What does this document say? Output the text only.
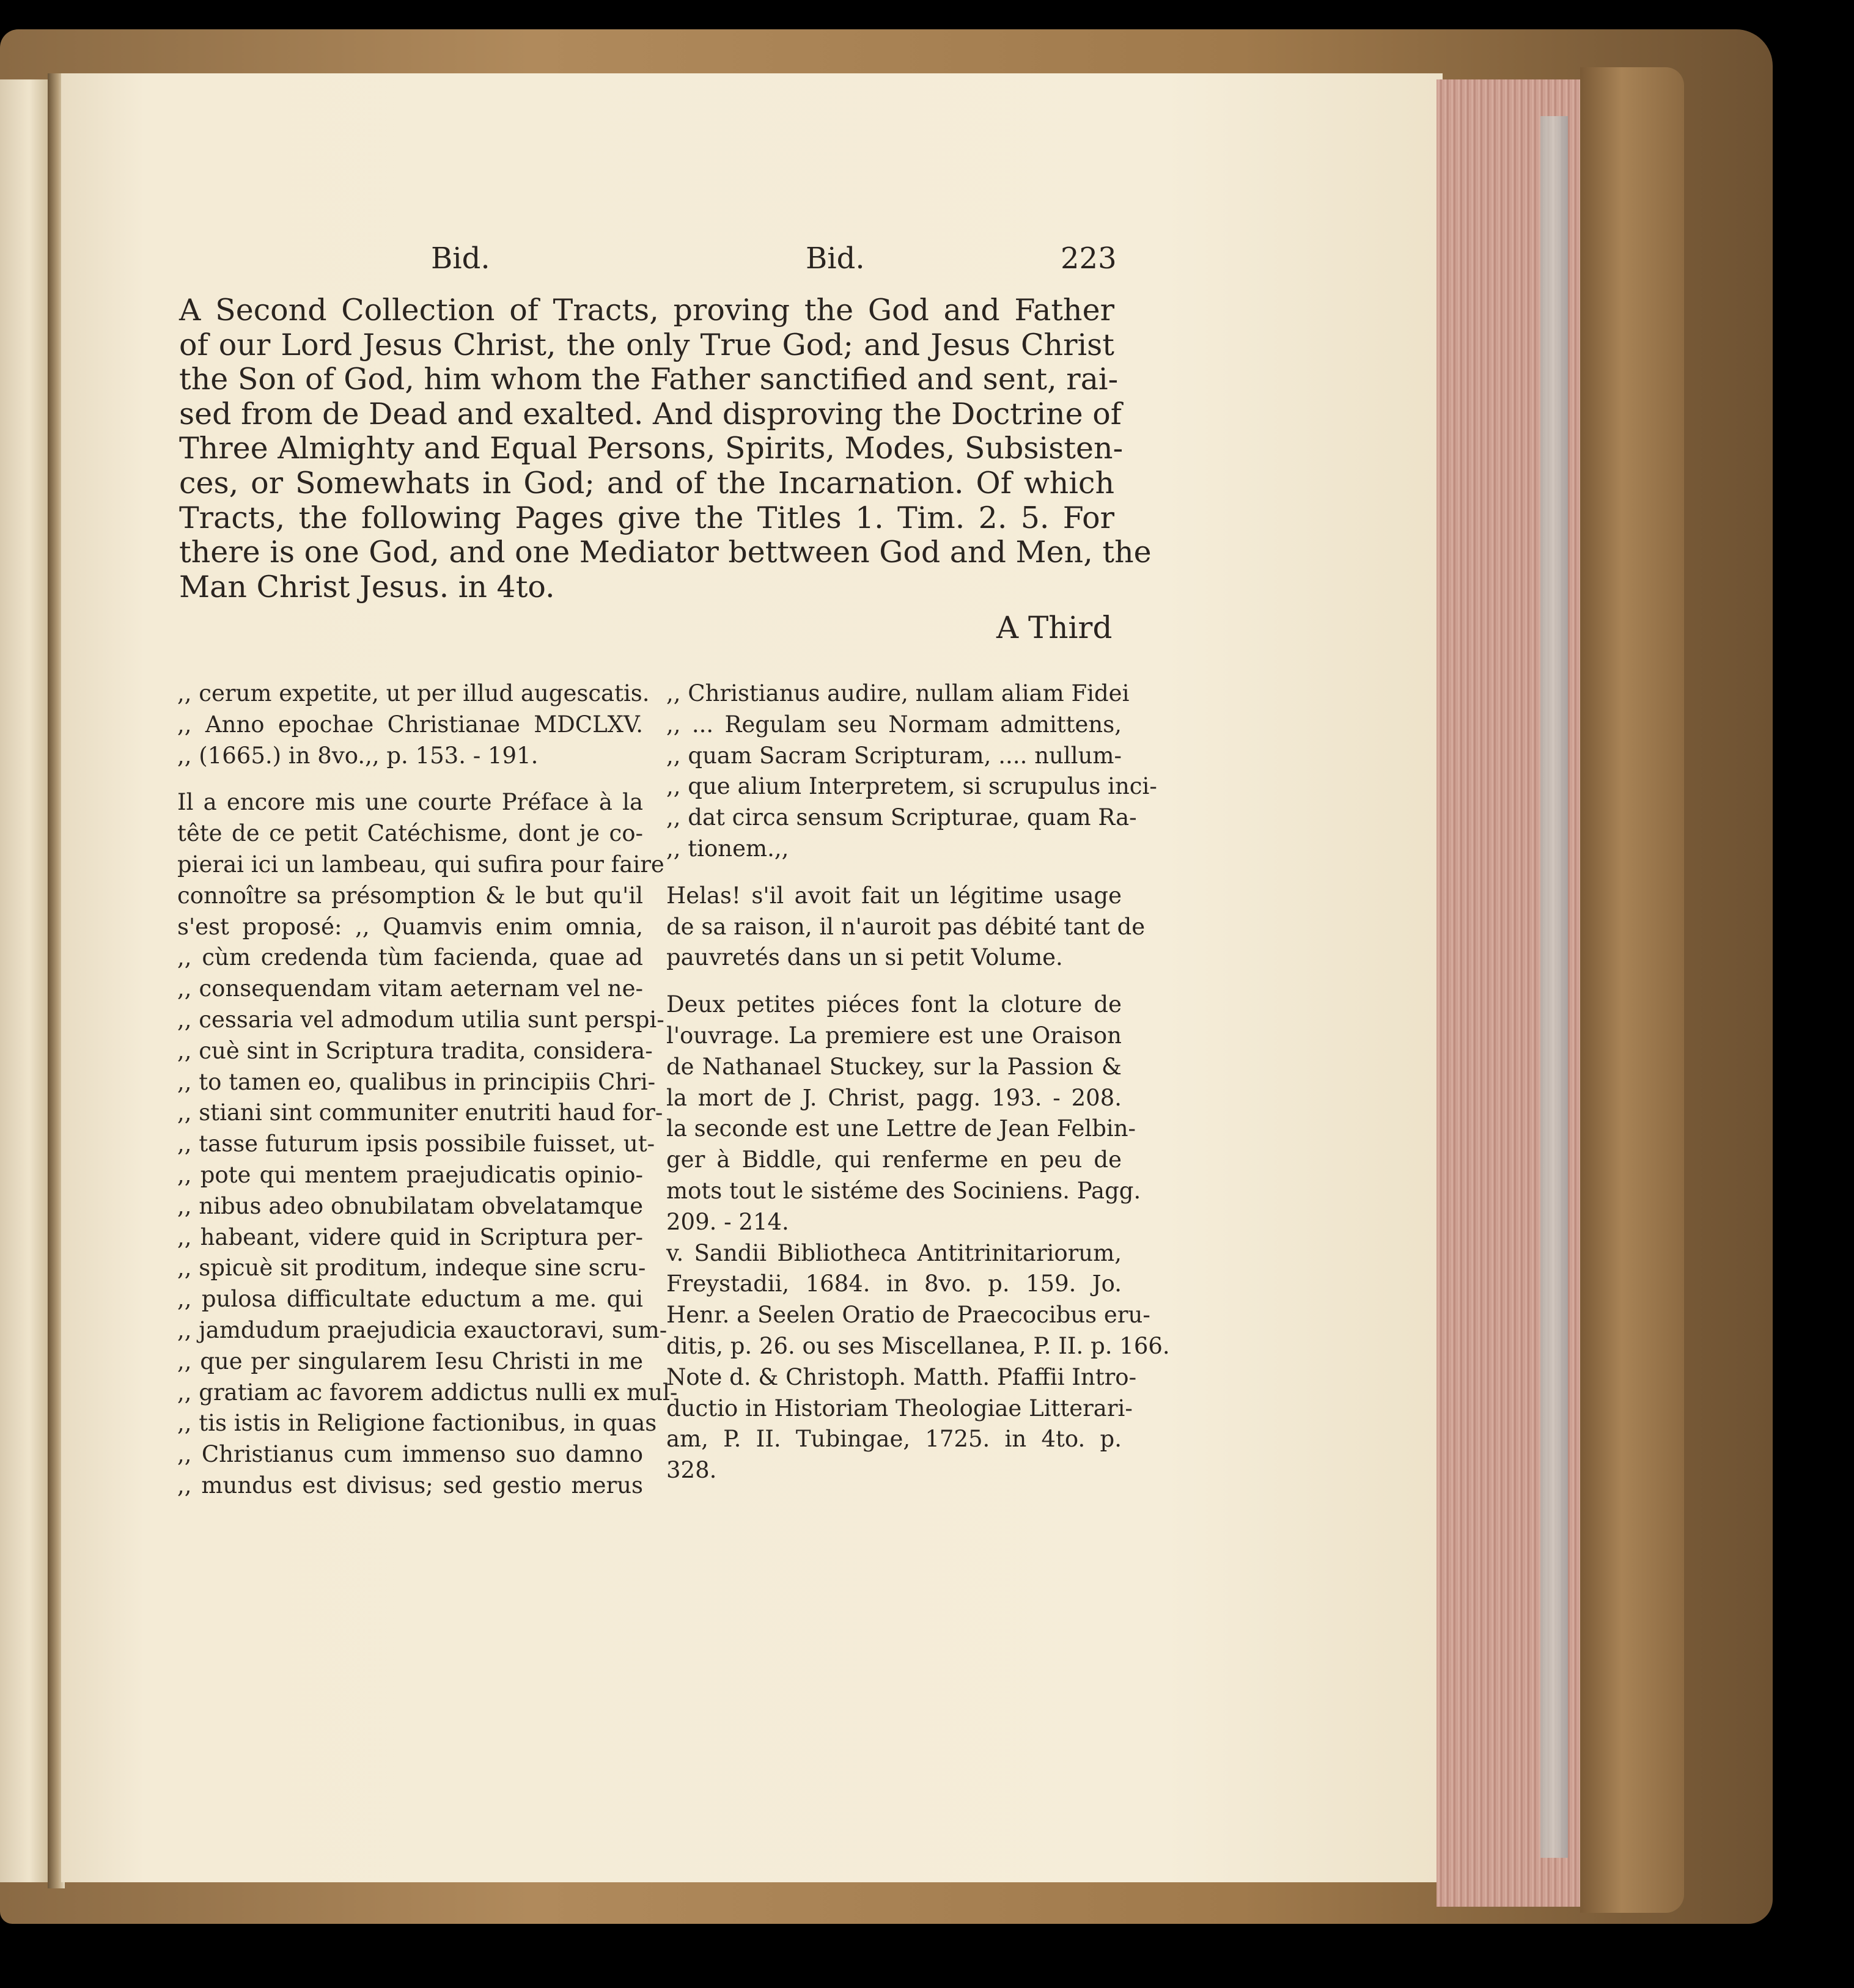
Bid.	Bid.	223
A Second Collection of Tracts, proving the God and Father
of our Lord Jesus Christ, the only True God; and Jesus Christ
the Son of God, him whom the Father sanctified and sent, rai-
sed from de Dead and exalted. And disproving the Doctrine of
Three Almighty and Equal Persons, Spirits, Modes, Subsisten-
ces, or Somewhats in God; and of the Incarnation. Of which
Tracts, the following Pages give the Titles 1. Tim. 2. 5. For
there is one God, and one Mediator bettween God and Men, the
Man Christ Jesus. in 4to.
A Third
,, cerum expetite, ut per illud augescatis.
,, Anno epochae Christianae MDCLXV.
,, (1665.) in 8vo.,, p. 153. - 191.
Il a encore mis une courte Préface à la
tête de ce petit Catéchisme, dont je co-
pierai ici un lambeau, qui sufira pour faire
connoître sa présomption & le but qu'il
s'est proposé: ,, Quamvis enim omnia,
,, cùm credenda tùm facienda, quae ad
,, consequendam vitam aeternam vel ne-
,, cessaria vel admodum utilia sunt perspi-
,, cuè sint in Scriptura tradita, considera-
,, to tamen eo, qualibus in principiis Chri-
,, stiani sint communiter enutriti haud for-
,, tasse futurum ipsis possibile fuisset, ut-
,, pote qui mentem praejudicatis opinio-
,, nibus adeo obnubilatam obvelatamque
,, habeant, videre quid in Scriptura per-
,, spicuè sit proditum, indeque sine scru-
,, pulosa difficultate eductum a me. qui
,, jamdudum praejudicia exauctoravi, sum-
,, que per singularem Iesu Christi in me
,, gratiam ac favorem addictus nulli ex mul-
,, tis istis in Religione factionibus, in quas
,, Christianus cum immenso suo damno
,, mundus est divisus; sed gestio merus
,, Christianus audire, nullam aliam Fidei
,, ... Regulam seu Normam admittens,
,, quam Sacram Scripturam, .... nullum-
,, que alium Interpretem, si scrupulus inci-
,, dat circa sensum Scripturae, quam Ra-
,, tionem.,,
Helas! s'il avoit fait un légitime usage
de sa raison, il n'auroit pas débité tant de
pauvretés dans un si petit Volume.
Deux petites piéces font la cloture de
l'ouvrage. La premiere est une Oraison
de Nathanael Stuckey, sur la Passion &
la mort de J. Christ, pagg. 193. - 208.
la seconde est une Lettre de Jean Felbin-
ger à Biddle, qui renferme en peu de
mots tout le sistéme des Sociniens. Pagg.
209. - 214.
v. Sandii Bibliotheca Antitrinitariorum,
Freystadii, 1684. in 8vo. p. 159. Jo.
Henr. a Seelen Oratio de Praecocibus eru-
ditis, p. 26. ou ses Miscellanea, P. II. p. 166.
Note d. & Christoph. Matth. Pfaffii Intro-
ductio in Historiam Theologiae Litterari-
am, P. II. Tubingae, 1725. in 4to. p.
328.
